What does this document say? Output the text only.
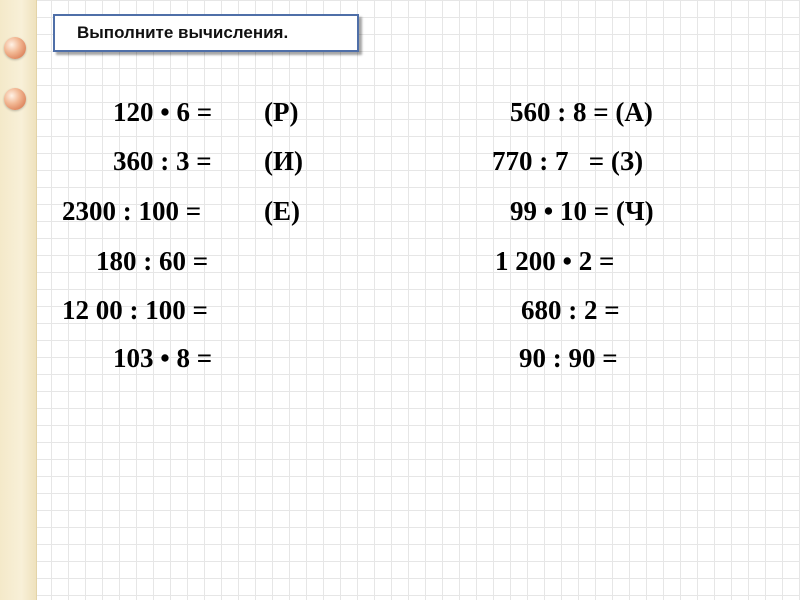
Выполните вычисления.
120 • 6 = (Р)
360 : 3 = (И)
2300 : 100 = (Е)
180 : 60 =
12 00 : 100 =
103 • 8 =
560 : 8 = (А)
770 : 7   = (З)
99 • 10 = (Ч)
1 200 • 2 =
680 : 2 =
90 : 90 =
